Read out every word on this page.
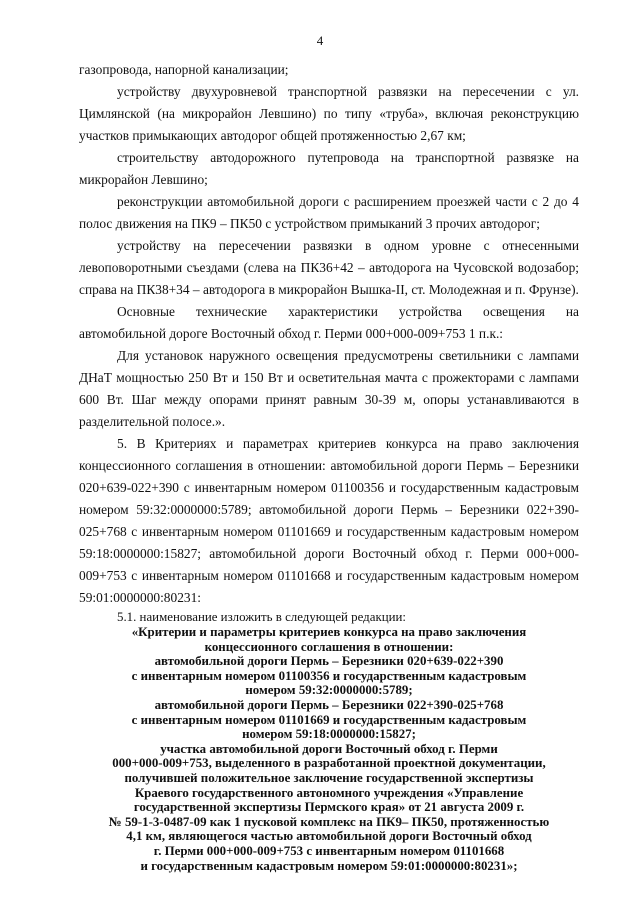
4

газопровода, напорной канализации;

устройству двухуровневой транспортной развязки на пересечении с ул. Цимлянской (на микрорайон Левшино) по типу «труба», включая реконструкцию участков примыкающих автодорог общей протяженностью 2,67 км;

строительству автодорожного путепровода на транспортной развязке на микрорайон Левшино;

реконструкции автомобильной дороги с расширением проезжей части с 2 до 4 полос движения на ПК9 – ПК50 с устройством примыканий 3 прочих автодорог;

устройству на пересечении развязки в одном уровне с отнесенными левоповоротными съездами (слева на ПК36+42 – автодорога на Чусовской водозабор; справа на ПК38+34 – автодорога в микрорайон Вышка-II, ст. Молодежная и п. Фрунзе).

Основные технические характеристики устройства освещения на автомобильной дороге Восточный обход г. Перми 000+000-009+753 1 п.к.:

Для установок наружного освещения предусмотрены светильники с лампами ДНаТ мощностью 250 Вт и 150 Вт и осветительная мачта с прожекторами с лампами 600 Вт. Шаг между опорами принят равным 30-39 м, опоры устанавливаются в разделительной полосе.».

5. В Критериях и параметрах критериев конкурса на право заключения концессионного соглашения в отношении: автомобильной дороги Пермь – Березники 020+639-022+390 с инвентарным номером 01100356 и государственным кадастровым номером 59:32:0000000:5789; автомобильной дороги Пермь – Березники 022+390-025+768 с инвентарным номером 01101669 и государственным кадастровым номером 59:18:0000000:15827; автомобильной дороги Восточный обход г. Перми 000+000-009+753 с инвентарным номером 01101668 и государственным кадастровым номером 59:01:0000000:80231:

5.1. наименование изложить в следующей редакции:
«Критерии и параметры критериев конкурса на право заключения
концессионного соглашения в отношении:
автомобильной дороги Пермь – Березники 020+639-022+390
с инвентарным номером 01100356 и государственным кадастровым
номером 59:32:0000000:5789;
автомобильной дороги Пермь – Березники 022+390-025+768
с инвентарным номером 01101669 и государственным кадастровым
номером 59:18:0000000:15827;
участка автомобильной дороги Восточный обход г. Перми
000+000-009+753, выделенного в разработанной проектной документации,
получившей положительное заключение государственной экспертизы
Краевого государственного автономного учреждения «Управление
государственной экспертизы Пермского края» от 21 августа 2009 г.
№ 59-1-3-0487-09 как 1 пусковой комплекс на ПК9– ПК50, протяженностью
4,1 км, являющегося частью автомобильной дороги Восточный обход
г. Перми 000+000-009+753 с инвентарным номером 01101668
и государственным кадастровым номером 59:01:0000000:80231»;
